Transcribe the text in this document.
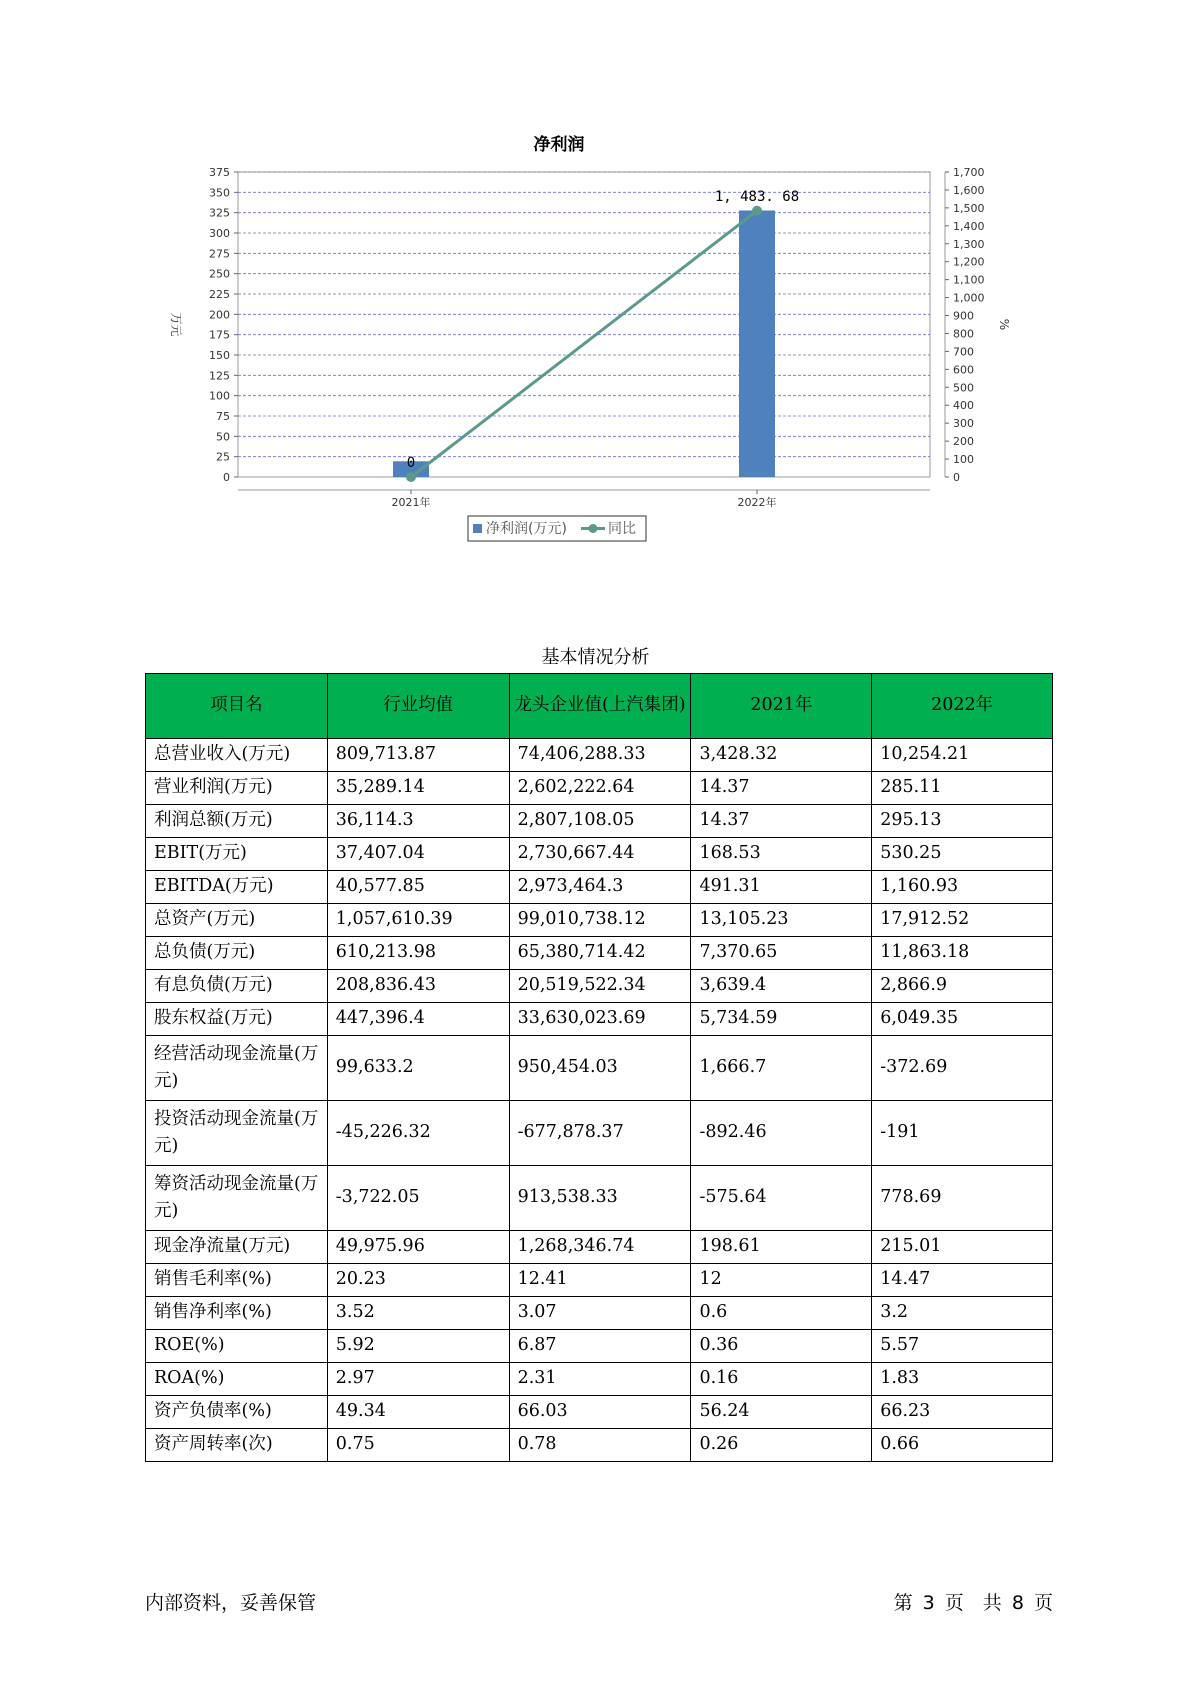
净利润
0
25
50
75
100
125
150
175
200
225
250
275
300
325
350
375
0
100
200
300
400
500
600
700
800
900
1,000
1,100
1,200
1,300
1,400
1,500
1,600
1,700
万元	%
2021年	2022年
0
1, 483. 68
净利润(万元)	同比
基本情况分析
项目名	行业均值	龙头企业值(上汽集团)	2021年	2022年
总营业收入(万元)	809,713.87	74,406,288.33	3,428.32	10,254.21
营业利润(万元)	35,289.14	2,602,222.64	14.37	285.11
利润总额(万元)	36,114.3	2,807,108.05	14.37	295.13
EBIT(万元)	37,407.04	2,730,667.44	168.53	530.25
EBITDA(万元)	40,577.85	2,973,464.3	491.31	1,160.93
总资产(万元)	1,057,610.39	99,010,738.12	13,105.23	17,912.52
总负债(万元)	610,213.98	65,380,714.42	7,370.65	11,863.18
有息负债(万元)	208,836.43	20,519,522.34	3,639.4	2,866.9
股东权益(万元)	447,396.4	33,630,023.69	5,734.59	6,049.35
经营活动现金流量(万元)	99,633.2	950,454.03	1,666.7	-372.69
投资活动现金流量(万元)	-45,226.32	-677,878.37	-892.46	-191
筹资活动现金流量(万元)	-3,722.05	913,538.33	-575.64	778.69
现金净流量(万元)	49,975.96	1,268,346.74	198.61	215.01
销售毛利率(%)	20.23	12.41	12	14.47
销售净利率(%)	3.52	3.07	0.6	3.2
ROE(%)	5.92	6.87	0.36	5.57
ROA(%)	2.97	2.31	0.16	1.83
资产负债率(%)	49.34	66.03	56.24	66.23
资产周转率(次)	0.75	0.78	0.26	0.66
内部资料，妥善保管	第 3 页　共 8 页
